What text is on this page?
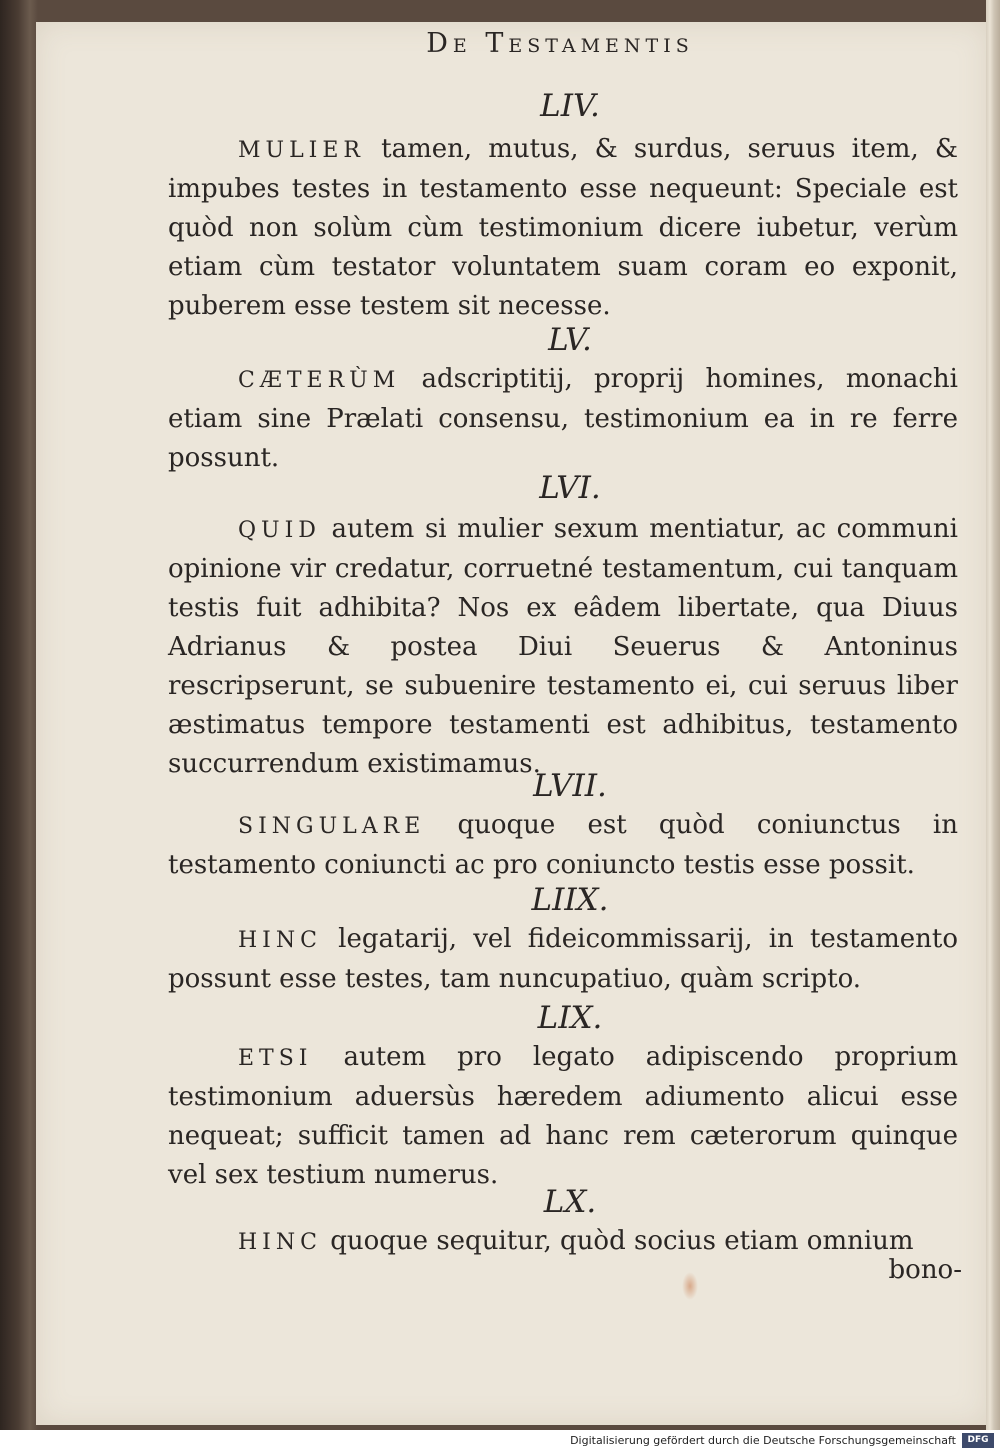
De Testamentis
LIV.
MULIER tamen, mutus, & surdus, seruus item, & impubes testes in testamento esse nequeunt: Speciale est quòd non solùm cùm testimonium dicere iubetur, verùm etiam cùm testator voluntatem suam coram eo exponit, puberem esse testem sit necesse.
LV.
CÆTERÙM adscriptitij, proprij homines, monachi etiam sine Prælati consensu, testimonium ea in re ferre possunt.
LVI.
QUID autem si mulier sexum mentiatur, ac communi opinione vir credatur, corruetné testamentum, cui tanquam testis fuit adhibita? Nos ex eâdem libertate, qua Diuus Adrianus & postea Diui Seuerus & Antoninus rescripserunt, se subuenire testamento ei, cui seruus liber æstimatus tempore testamenti est adhibitus, testamento succurrendum existimamus.
LVII.
SINGULARE quoque est quòd coniunctus in testamento coniuncti ac pro coniuncto testis esse possit.
LIIX.
HINC legatarij, vel fideicommissarij, in testamento possunt esse testes, tam nuncupatiuo, quàm scripto.
LIX.
ETSI autem pro legato adipiscendo proprium testimonium aduersùs hæredem adiumento alicui esse nequeat; sufficit tamen ad hanc rem cæterorum quinque vel sex testium numerus.
LX.
HINC quoque sequitur, quòd socius etiam omnium
bono-
Digitalisierung gefördert durch die Deutsche Forschungsgemeinschaft	DFG
